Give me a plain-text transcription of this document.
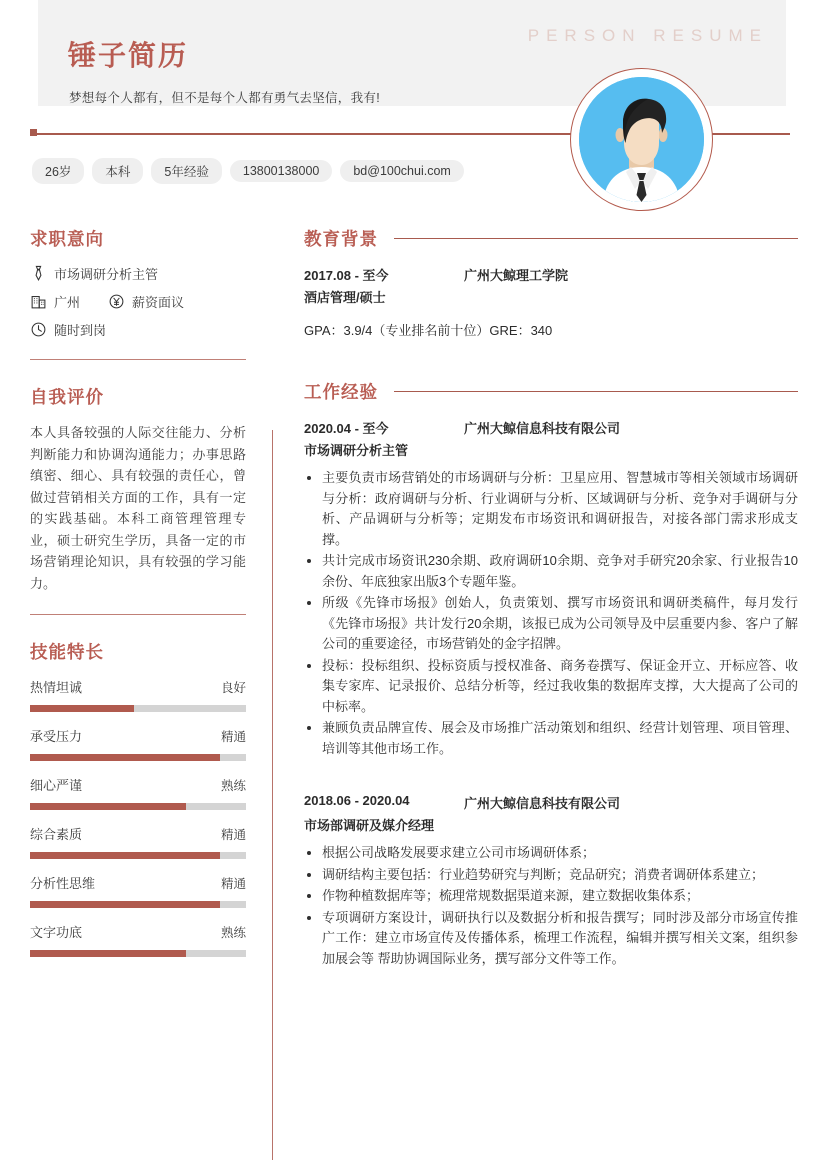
锤子简历
梦想每个人都有，但不是每个人都有勇气去坚信，我有!
PERSON RESUME
26岁	本科	5年经验	13800138000	bd@100chui.com
求职意向
市场调研分析主管
广州	薪资面议
随时到岗
自我评价
本人具备较强的人际交往能力、分析判断能力和协调沟通能力；办事思路缜密、细心、具有较强的责任心，曾做过营销相关方面的工作，具有一定的实践基础。本科工商管理管理专业，硕士研究生学历，具备一定的市场营销理论知识，具有较强的学习能力。
技能特长
热情坦诚	良好
承受压力	精通
细心严谨	熟练
综合素质	精通
分析性思维	精通
文字功底	熟练
教育背景
2017.08 - 至今	广州大鲸理工学院
酒店管理/硕士
GPA：3.9/4（专业排名前十位）GRE：340
工作经验
2020.04 - 至今	广州大鲸信息科技有限公司
市场调研分析主管
主要负责市场营销处的市场调研与分析：卫星应用、智慧城市等相关领域市场调研与分析：政府调研与分析、行业调研与分析、区域调研与分析、竞争对手调研与分析、产品调研与分析等；定期发布市场资讯和调研报告，对接各部门需求形成支撑。
共计完成市场资讯230余期、政府调研10余期、竞争对手研究20余家、行业报告10余份、年底独家出版3个专题年鉴。
所级《先锋市场报》创始人，负责策划、撰写市场资讯和调研类稿件，每月发行《先锋市场报》共计发行20余期，该报已成为公司领导及中层重要内参、客户了解公司的重要途径，市场营销处的金字招牌。
投标：投标组织、投标资质与授权准备、商务卷撰写、保证金开立、开标应答、收集专家库、记录报价、总结分析等，经过我收集的数据库支撑，大大提高了公司的中标率。
兼顾负责品牌宣传、展会及市场推广活动策划和组织、经营计划管理、项目管理、培训等其他市场工作。
2018.06 - 2020.04	广州大鲸信息科技有限公司
市场部调研及媒介经理
根据公司战略发展要求建立公司市场调研体系；
调研结构主要包括：行业趋势研究与判断；竞品研究；消费者调研体系建立；
作物种植数据库等；梳理常规数据渠道来源，建立数据收集体系；
专项调研方案设计，调研执行以及数据分析和报告撰写；同时涉及部分市场宣传推广工作：建立市场宣传及传播体系，梳理工作流程，编辑并撰写相关文案，组织参加展会等 帮助协调国际业务，撰写部分文件等工作。
